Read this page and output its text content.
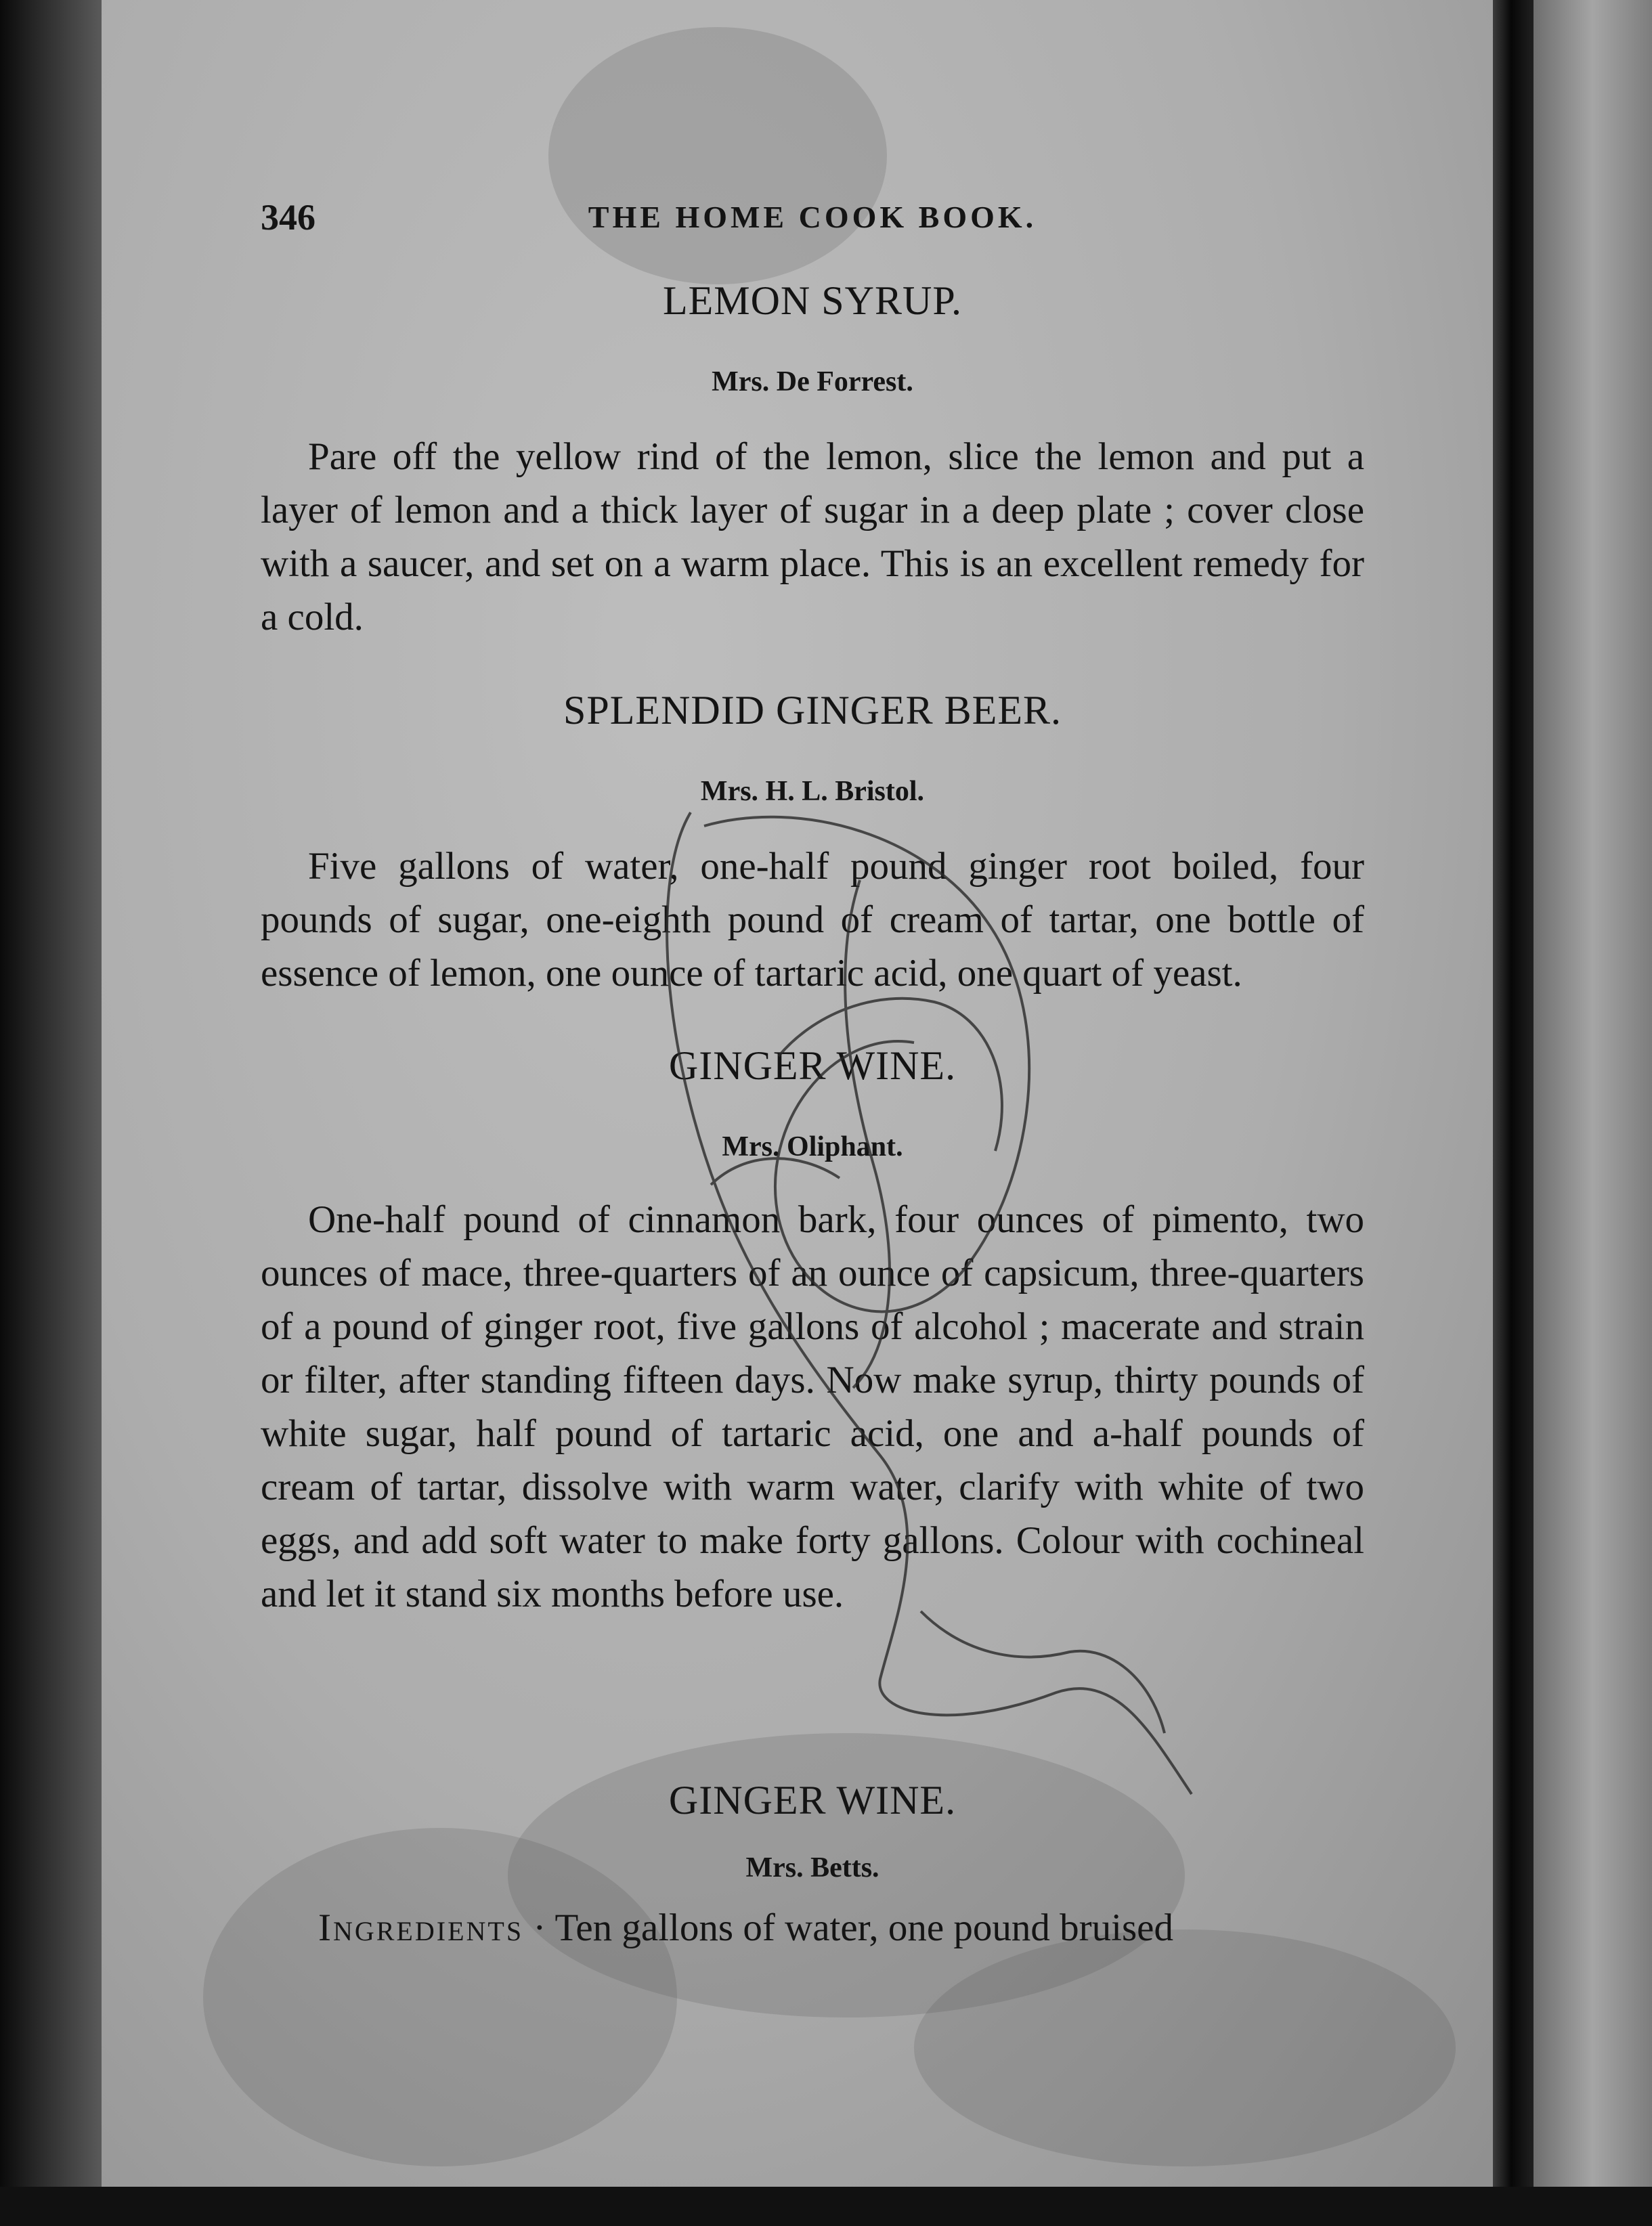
346	THE HOME COOK BOOK.
LEMON SYRUP.
Mrs. De Forrest.

Pare off the yellow rind of the lemon, slice the lemon and put a layer of lemon and a thick layer of sugar in a deep plate ; cover close with a saucer, and set on a warm place. This is an excellent remedy for a cold.

SPLENDID GINGER BEER.
Mrs. H. L. Bristol.

Five gallons of water, one-half pound ginger root boiled, four pounds of sugar, one-eighth pound of cream of tartar, one bottle of essence of lemon, one ounce of tartaric acid, one quart of yeast.

GINGER WINE.
Mrs. Oliphant.

One-half pound of cinnamon bark, four ounces of pimento, two ounces of mace, three-quarters of an ounce of capsicum, three-quarters of a pound of ginger root, five gallons of alcohol ; macerate and strain or filter, after standing fifteen days. Now make syrup, thirty pounds of white sugar, half pound of tartaric acid, one and a-half pounds of cream of tartar, dissolve with warm water, clarify with white of two eggs, and add soft water to make forty gallons. Colour with cochineal and let it stand six months before use.

GINGER WINE.
Mrs. Betts.
Ingredients · Ten gallons of water, one pound bruised
